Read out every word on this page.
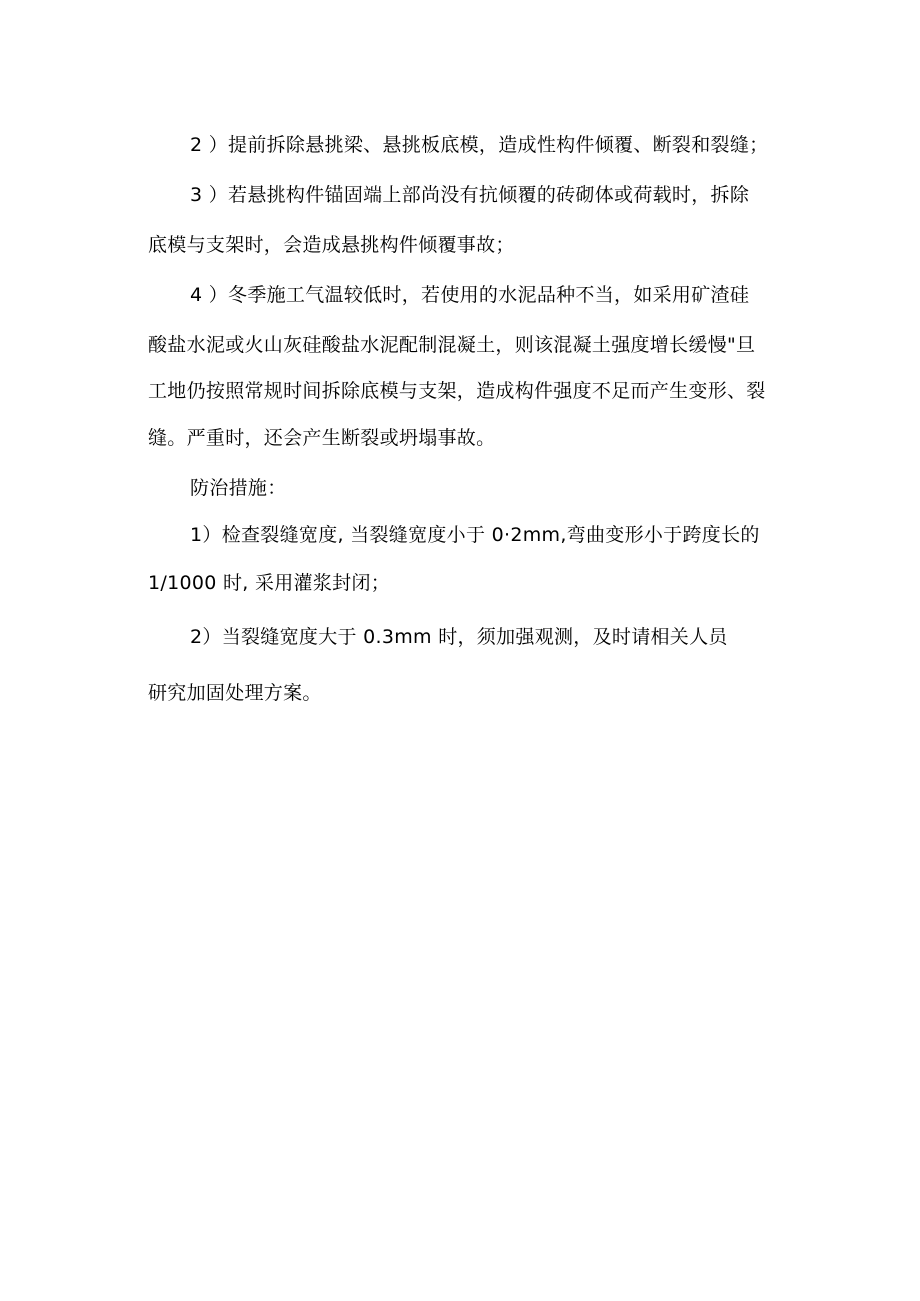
2 ）提前拆除悬挑梁、悬挑板底模，造成性构件倾覆、断裂和裂缝；
3 ）若悬挑构件锚固端上部尚没有抗倾覆的砖砌体或荷载时，拆除
底模与支架时，会造成悬挑构件倾覆事故；
4 ）冬季施工气温较低时，若使用的水泥品种不当，如采用矿渣硅
酸盐水泥或火山灰硅酸盐水泥配制混凝土，则该混凝土强度增长缓慢"旦
工地仍按照常规时间拆除底模与支架，造成构件强度不足而产生变形、裂
缝。严重时，还会产生断裂或坍塌事故。
防治措施：
1）检查裂缝宽度, 当裂缝宽度小于 0·2mm,弯曲变形小于跨度长的
1/1000 时, 采用灌浆封闭；
2）当裂缝宽度大于 0.3mm 时，须加强观测，及时请相关人员
研究加固处理方案。
